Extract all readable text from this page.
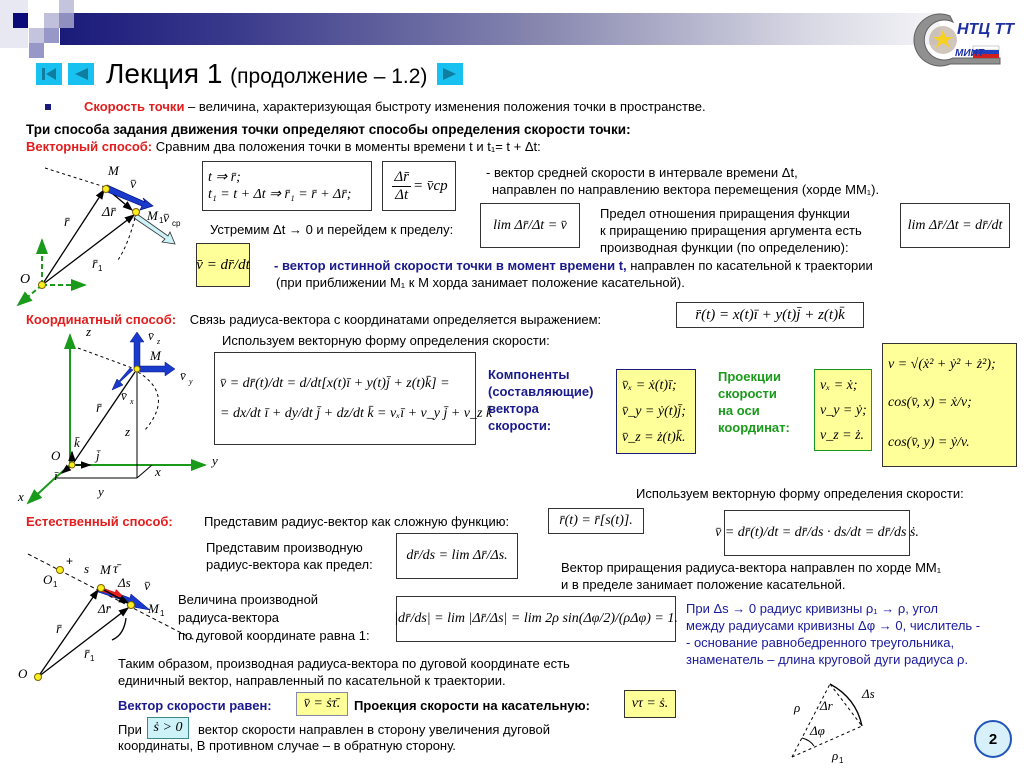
НТЦ ТТ
МИИТ
Лекция 1 (продолжение – 1.2)
Скорость точки – величина, характеризующая быстроту изменения положения точки в пространстве.
Три способа задания движения точки определяют способы определения скорости точки:
Векторный способ: Сравним два положения точки в моменты времени t и t₁= t + Δt:
M
v̄
Δr̄ M 1 v̄ ср
r̄
r̄ 1
O
t ⇒ r̄;
t₁ = t + Δt ⇒ r̄₁ = r̄ + Δr̄;	$\frac{\Delta r̄}{\Delta t}$ = v̄ср
- вектор средней скорости в интервале времени Δt,
направлен по направлению вектора перемещения (хорде MM₁).
Устремим Δt → 0 и перейдем к пределу:	lim Δr̄/Δt = v̄
Предел отношения приращения функции
к приращению приращения аргумента есть
производная функции (по определению):
lim Δr̄/Δt = dr̄/dt
v̄ = dr̄/dt - вектор истинной скорости точки в момент времени t, направлен по касательной к траектории
(при приближении M₁ к M хорда занимает положение касательной).
Координатный способ: Связь радиуса-вектора с координатами определяется выражением:	r̄(t) = x(t)ī + y(t)j̄ + z(t)k̄
Используем векторную форму определения скорости:
z	v̄ z
M
v̄ y
v̄ x
r̄
z
k̄
O	j̄
ī
y
x
y
x
v̄ = dr̄(t)/dt = d/dt[x(t)ī + y(t)j̄ + z(t)k̄] =
= dx/dt ī + dy/dt j̄ + dz/dt k̄ = vₓī + v_y j̄ + v_z k̄
Компоненты
(составляющие)
вектора
скорости:
v̄ₓ = ẋ(t)ī;
v̄_y = ẏ(t)j̄;
v̄_z = ż(t)k̄.
Проекции
скорости
на оси
координат:
vₓ = ẋ;
v_y = ẏ;
v_z = ż.
v = √(ẋ² + ẏ² + ż²);
cos(v̄, x) = ẋ/v;
cos(v̄, y) = ẏ/v.
Используем векторную форму определения скорости:
Естественный способ: Представим радиус-вектор как сложную функцию:	r̄(t) = r̄[s(t)].
v̄ = dr̄(t)/dt = dr̄/ds · ds/dt = dr̄/ds ṡ.
Представим производную
радиус-вектора как предел:
dr̄/ds = lim Δr̄/Δs.
Вектор приращения радиуса-вектора направлен по хорде MM₁
и в пределе занимает положение касательной.
+ s M τ̄
Δs v̄
O 1
Δr̄	M 1
r̄
r̄ 1
O
Величина производной
радиуса-вектора
по дуговой координате равна 1:
|dr̄/ds| = lim |Δr̄/Δs| = lim 2ρ sin(Δφ/2)/(ρΔφ) = 1.
При Δs → 0 радиус кривизны ρ₁ → ρ, угол
между радиусами кривизны Δφ → 0, числитель -
- основание равнобедренного треугольника,
знаменатель – длина круговой дуги радиуса ρ.
Таким образом, производная радиуса-вектора по дуговой координате есть
единичный вектор, направленный по касательной к траектории.
Вектор скорости равен:	v̄ = ṡτ̄.	Проекция скорости на касательную:	vτ = ṡ.
При ṡ > 0	вектор скорости направлен в сторону увеличения дуговой
координаты, В противном случае – в обратную сторону.
ρ Δr
Δs
Δφ
ρ 1
2
